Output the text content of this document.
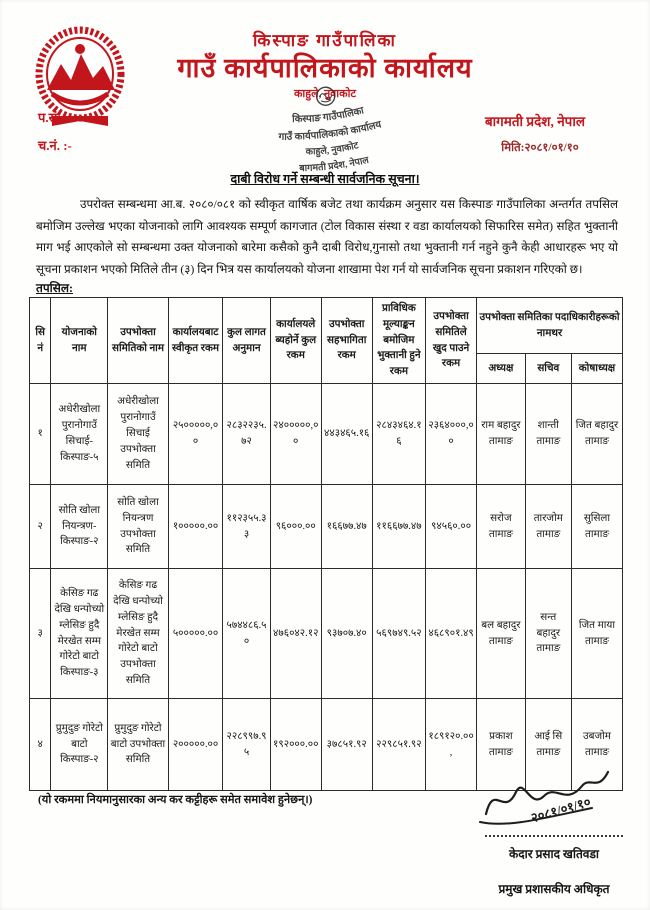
किस्पाङ गाउँपालिका
गाउँ कार्यपालिकाको कार्यालय
काहुले, नुवाकोट
प.सं :-
च.नं. :-
बागमती प्रदेश, नेपाल
मिति:२०८१/०१/१०
किस्पाङ गाउँपालिका
गाउँ कार्यपालिकाको कार्यालय
काहुले, नुवाकोट
बागमती प्रदेश, नेपाल
दाबी विरोध गर्ने सम्बन्धी सार्वजनिक सूचना।
उपरोक्त सम्बन्धमा आ.ब. २०८०/०८१ को स्वीकृत वार्षिक बजेट तथा कार्यक्रम अनुसार यस किस्पाङ गाउँपालिका अन्तर्गत तपसिल बमोजिम उल्लेख भएका योजनाको लागि आवश्यक सम्पूर्ण कागजात (टोल विकास संस्था र वडा कार्यालयको सिफारिस समेत) सहित भुक्तानी माग भई आएकोले सो सम्बन्धमा उक्त योजनाको बारेमा कसैको कुनै दाबी विरोध,गुनासो तथा भुक्तानी गर्न नहुने कुनै केही आधारहरू भए यो सूचना प्रकाशन भएको मितिले तीन (३) दिन भित्र यस कार्यालयको योजना शाखामा पेश गर्न यो सार्वजनिक सूचना प्रकाशन गरिएको छ।
तपसिल:
सि नं	योजनाको नाम	उपभोक्ता समितिको नाम	कार्यालयबाट स्वीकृत रकम	कुल लागत अनुमान	कार्यालयले ब्यहोर्ने कुल रकम	उपभोक्ता सहभागिता रकम	प्राविधिक मूल्याङ्कन बमोजिम भुक्तानी हुने रकम	उपभोक्ता समितिले खुद पाउने रकम	उपभोक्ता समितिका पदाधिकारीहरूको नामथर		
									अध्यक्ष	सचिव	कोषाध्यक्ष
१	अधेरीखोला पुरानोगाउँ सिचाई- किस्पाङ-५	अधेरीखोला पुरानोगाउँ सिचाई उपभोक्ता समिति	२५०००००,००	२८३२२३५.७२	२४०००००,००	४४३४६५.१६	२८४३४६४.१६	२३६४०००,००	राम बहादुर तामाङ	शान्ती तामाङ	जित बहादुर तामाङ
२	सोति खोला नियन्त्रण- किस्पाङ-२	सोति खोला नियन्त्रण उपभोक्ता समिति	१०००००.००	११२३५५.३३	९६०००.००	१६६७७.४७	११६६७७.४७	९४५६०.००	सरोज तामाङ	तारजोम तामाङ	सुसिला तामाङ
३	केसिङ गढ देखि धन्पोच्यो म्लेसिङ हुदै मेरखेत सम्म गोरेटो बाटो किस्पाङ-३	केसिङ गढ देखि धन्पोच्यो म्लेसिङ हुदै मेरखेत सम्म गोरेटो बाटो उपभोक्ता समिति	५०००००.००	५७४४८६.५०	४७६०४२.१२	९३७०७.४०	५६९७४९.५२	४६८९०१.४९	बल बहादुर तामाङ	सन्त बहादुर तामाङ	जित माया तामाङ
४	प्रुमुदुङ गोरेटो बाटो किस्पाङ-२	प्रुमुदुङ गोरेटो बाटो उपभोक्ता समिति	२०००००.००	२२८९९७.९५	१९२०००.००	३७८५१.९२	२२९८५१.९२	१८९१२०.००,	प्रकाश तामाङ	आई सि तामाङ	उबजोम तामाङ
(यो रकममा नियमानुसारका अन्य कर कट्टीहरू समेत समावेश हुनेछन्।)	२०८१/०१/१०
केदार प्रसाद खतिवडा
प्रमुख प्रशासकीय अधिकृत
